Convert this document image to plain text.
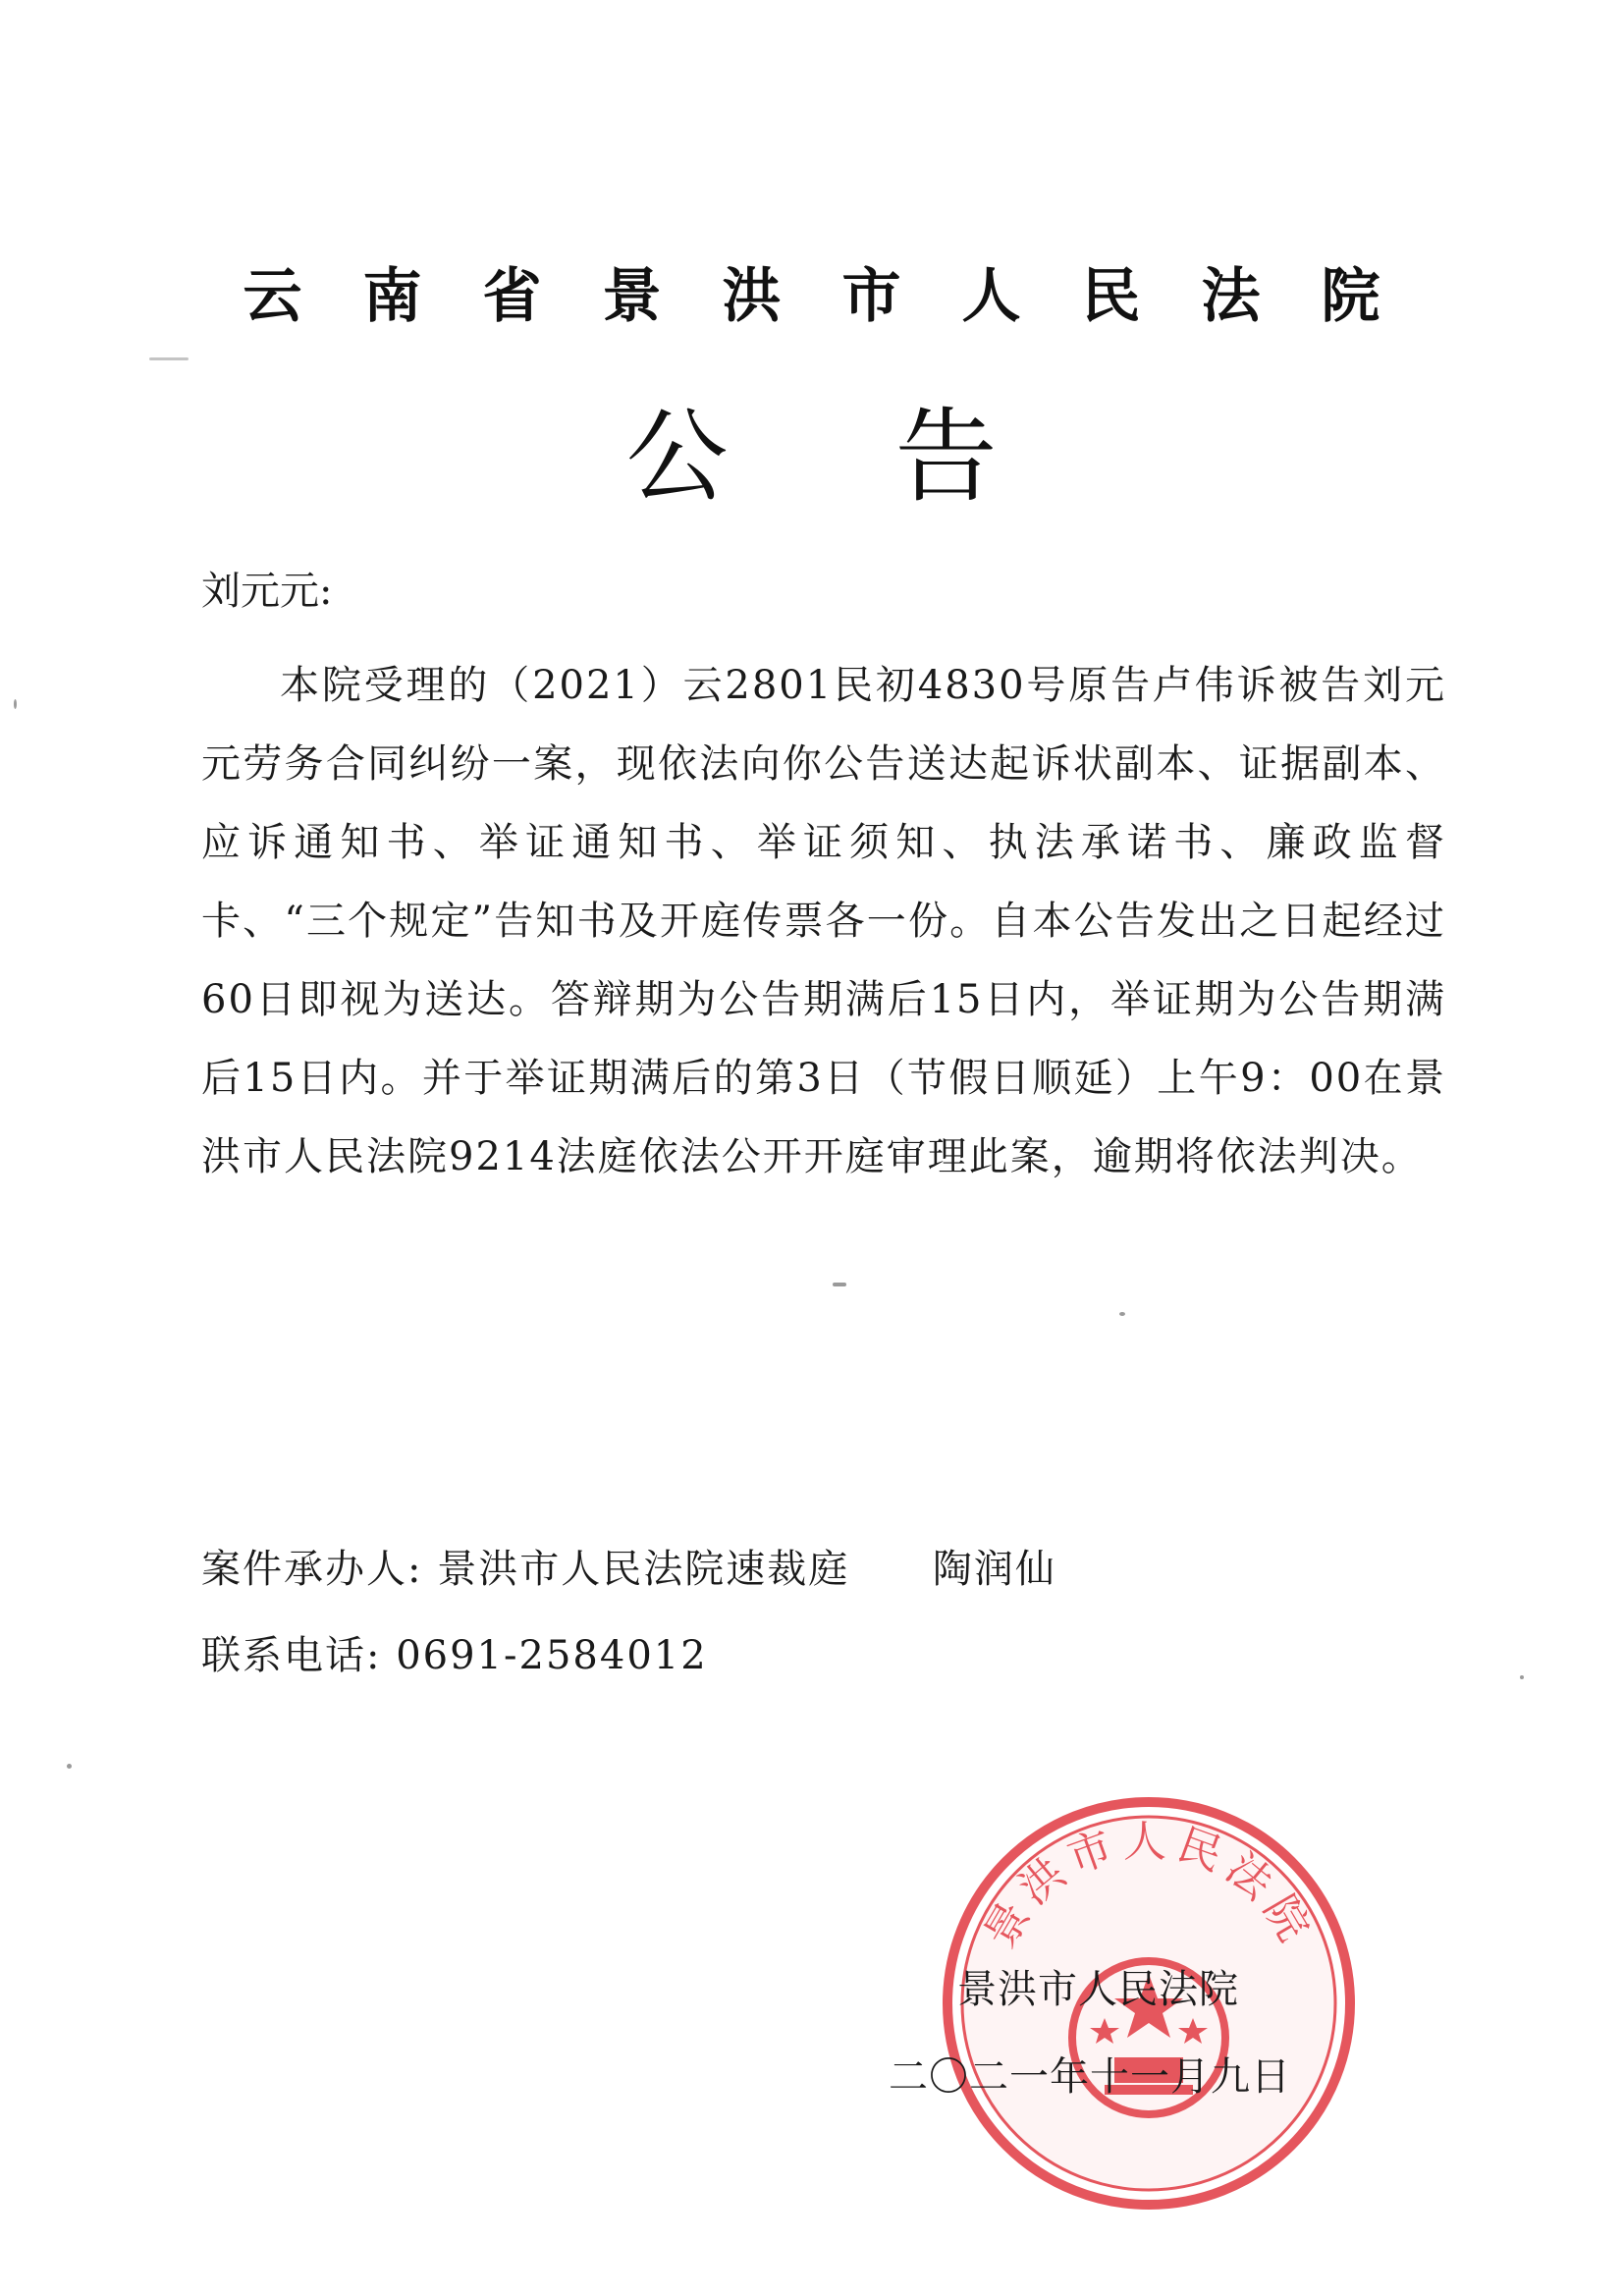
云南省景洪市人民法院
公告
刘元元:
本院受理的（2021）云2801民初4830号原告卢伟诉被告刘元元劳务合同纠纷一案，现依法向你公告送达起诉状副本、证据副本、应诉通知书、举证通知书、举证须知、执法承诺书、廉政监督卡、“三个规定”告知书及开庭传票各一份。自本公告发出之日起经过60日即视为送达。答辩期为公告期满后15日内，举证期为公告期满后15日内。并于举证期满后的第3日（节假日顺延）上午9：00在景洪市人民法院9214法庭依法公开开庭审理此案，逾期将依法判决。
案件承办人: 景洪市人民法院速裁庭 陶润仙
联系电话: 0691-2584012
景洪市人民法院
景洪市人民法院
二〇二一年十一月九日
